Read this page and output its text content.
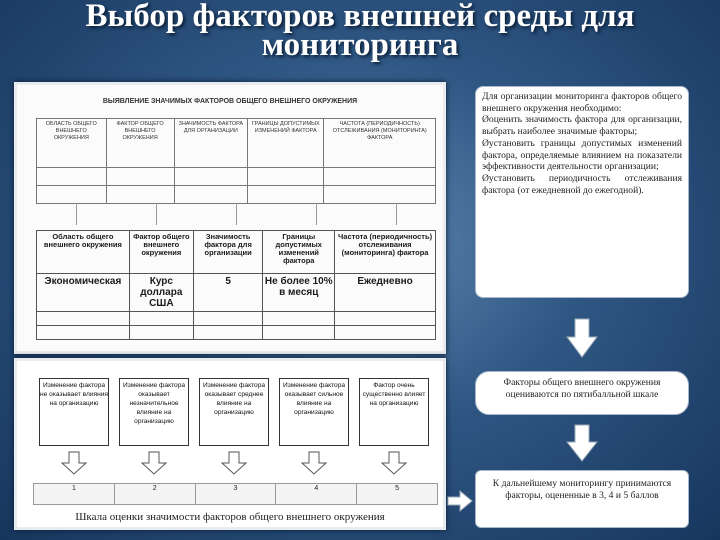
Выбор факторов внешней среды для
мониторинга
ВЫЯВЛЕНИЕ ЗНАЧИМЫХ ФАКТОРОВ ОБЩЕГО ВНЕШНЕГО ОКРУЖЕНИЯ
ОБЛАСТЬ ОБЩЕГО ВНЕШНЕГО ОКРУЖЕНИЯ	ФАКТОР ОБЩЕГО ВНЕШНЕГО ОКРУЖЕНИЯ	ЗНАЧИМОСТЬ ФАКТОРА ДЛЯ ОРГАНИЗАЦИИ	ГРАНИЦЫ ДОПУСТИМЫХ ИЗМЕНЕНИЙ ФАКТОРА	ЧАСТОТА (ПЕРИОДИЧНОСТЬ) ОТСЛЕЖИВАНИЯ (МОНИТОРИНГА) ФАКТОРА

Область общего внешнего окружения	Фактор общего внешнего окружения	Значимость фактора для организации	Границы допустимых изменений фактора	Частота (периодичность) отслеживания (мониторинга) фактора
Экономическая	Курс доллара США	5	Не более 10% в месяц	Ежедневно

Изменение фактора не оказывает влияния на организацию
Изменение фактора оказывает незначительное влияние на организацию
Изменение фактора оказывает среднее влияние на организацию
Изменение фактора оказывает сильное влияние на организацию
Фактор очень существенно влияет на организацию
1	2	3	4	5
Шкала оценки значимости факторов общего внешнего окружения
Для организации мониторинга факторов общего внешнего окружения необходимо:
Øоценить значимость фактора для организации, выбрать наиболее значимые факторы;
Øустановить границы допустимых изменений фактора, определяемые влиянием на показатели эффективности деятельности организации;
Øустановить периодичность отслеживания фактора (от ежедневной до ежегодной).
Факторы общего внешнего окружения оцениваются по пятибалльной шкале
К дальнейшему мониторингу принимаются факторы, оцененные в 3, 4 и 5 баллов
